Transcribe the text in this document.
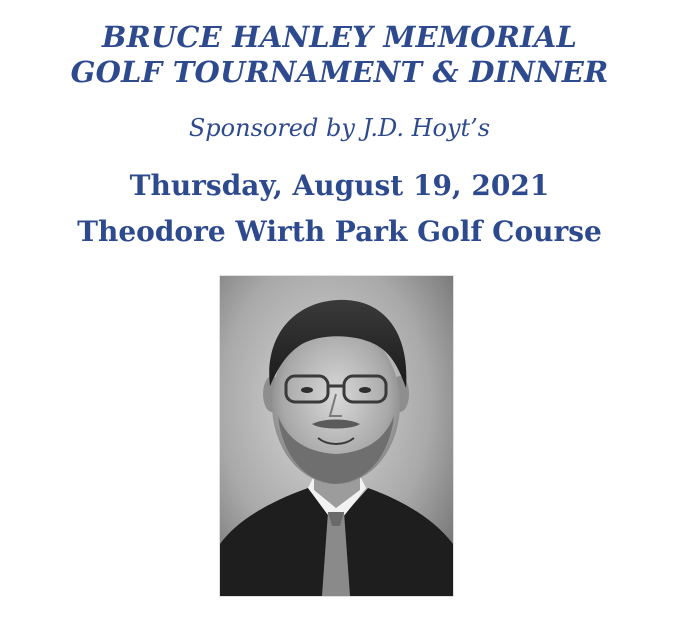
BRUCE HANLEY MEMORIAL
GOLF TOURNAMENT & DINNER
Sponsored by J.D. Hoyt’s
Thursday, August 19, 2021
Theodore Wirth Park Golf Course
